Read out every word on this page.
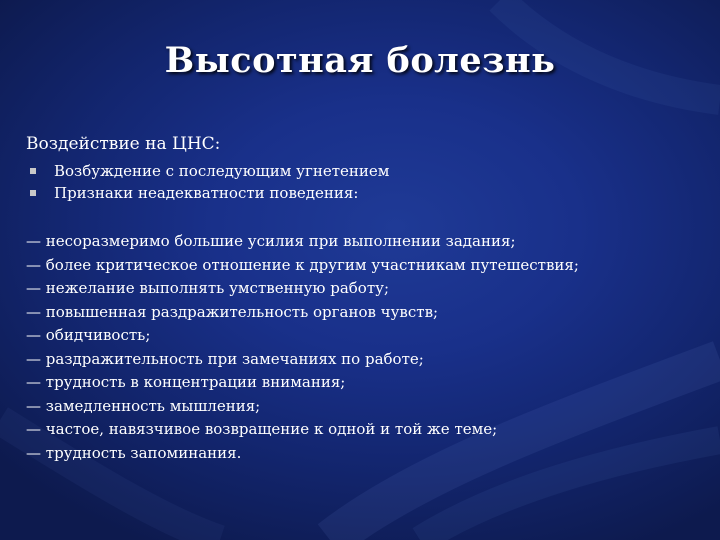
Высотная болезнь
Воздействие на ЦНС:
Возбуждение с последующим угнетением
Признаки неадекватности поведения:
— несоразмеримо большие усилия при выполнении задания;
— более критическое отношение к другим участникам путешествия;
— нежелание выполнять умственную работу;
— повышенная раздражительность органов чувств;
— обидчивость;
— раздражительность при замечаниях по работе;
— трудность в концентрации внимания;
— замедленность мышления;
— частое, навязчивое возвращение к одной и той же теме;
— трудность запоминания.
